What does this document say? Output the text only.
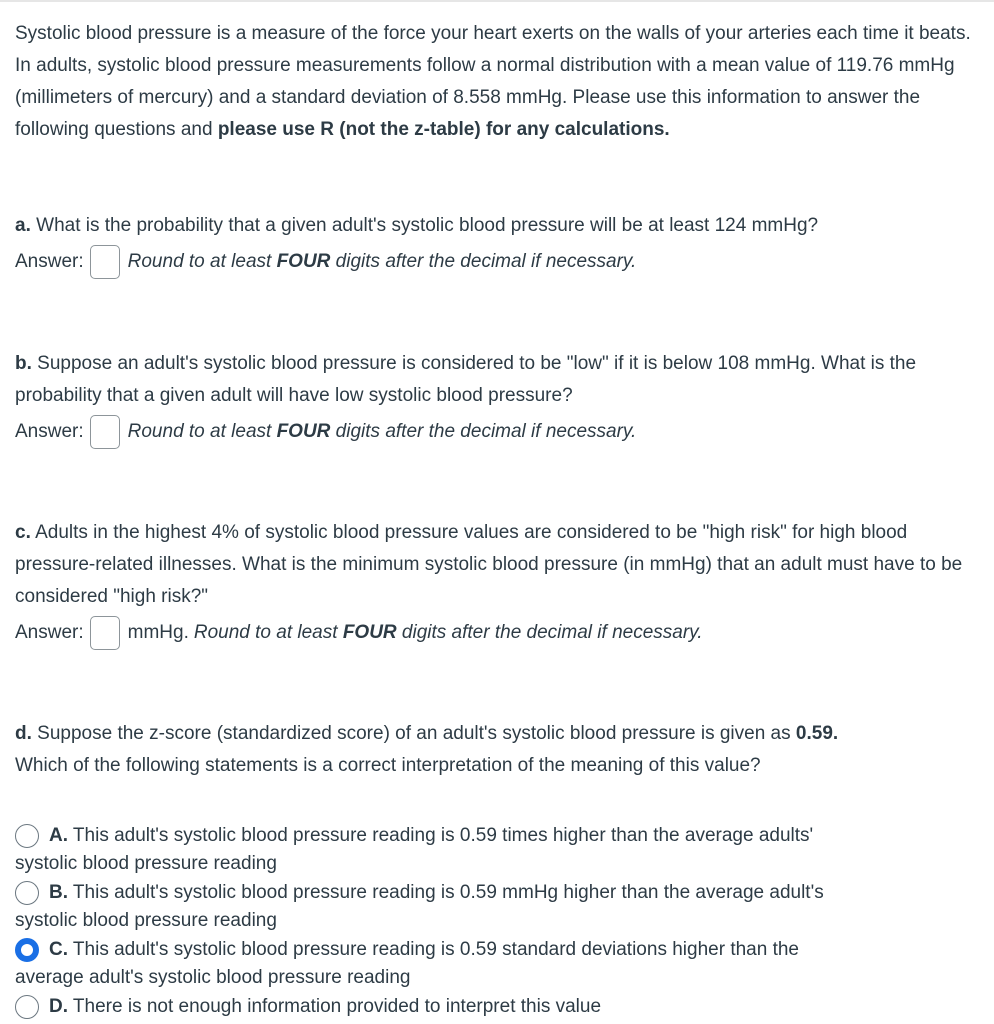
Systolic blood pressure is a measure of the force your heart exerts on the walls of your arteries each time it beats. In adults, systolic blood pressure measurements follow a normal distribution with a mean value of 119.76 mmHg (millimeters of mercury) and a standard deviation of 8.558 mmHg. Please use this information to answer the following questions and please use R (not the z-table) for any calculations.

a. What is the probability that a given adult's systolic blood pressure will be at least 124 mmHg?

Answer: Round to at least FOUR digits after the decimal if necessary.

b. Suppose an adult's systolic blood pressure is considered to be "low" if it is below 108 mmHg. What is the probability that a given adult will have low systolic blood pressure?

Answer: Round to at least FOUR digits after the decimal if necessary.

c. Adults in the highest 4% of systolic blood pressure values are considered to be "high risk" for high blood pressure-related illnesses. What is the minimum systolic blood pressure (in mmHg) that an adult must have to be considered "high risk?"

Answer: mmHg. Round to at least FOUR digits after the decimal if necessary.

d. Suppose the z-score (standardized score) of an adult's systolic blood pressure is given as 0.59.
Which of the following statements is a correct interpretation of the meaning of this value?

A. This adult's systolic blood pressure reading is 0.59 times higher than the average adults'
systolic blood pressure reading
B. This adult's systolic blood pressure reading is 0.59 mmHg higher than the average adult's
systolic blood pressure reading
C. This adult's systolic blood pressure reading is 0.59 standard deviations higher than the
average adult's systolic blood pressure reading
D. There is not enough information provided to interpret this value
